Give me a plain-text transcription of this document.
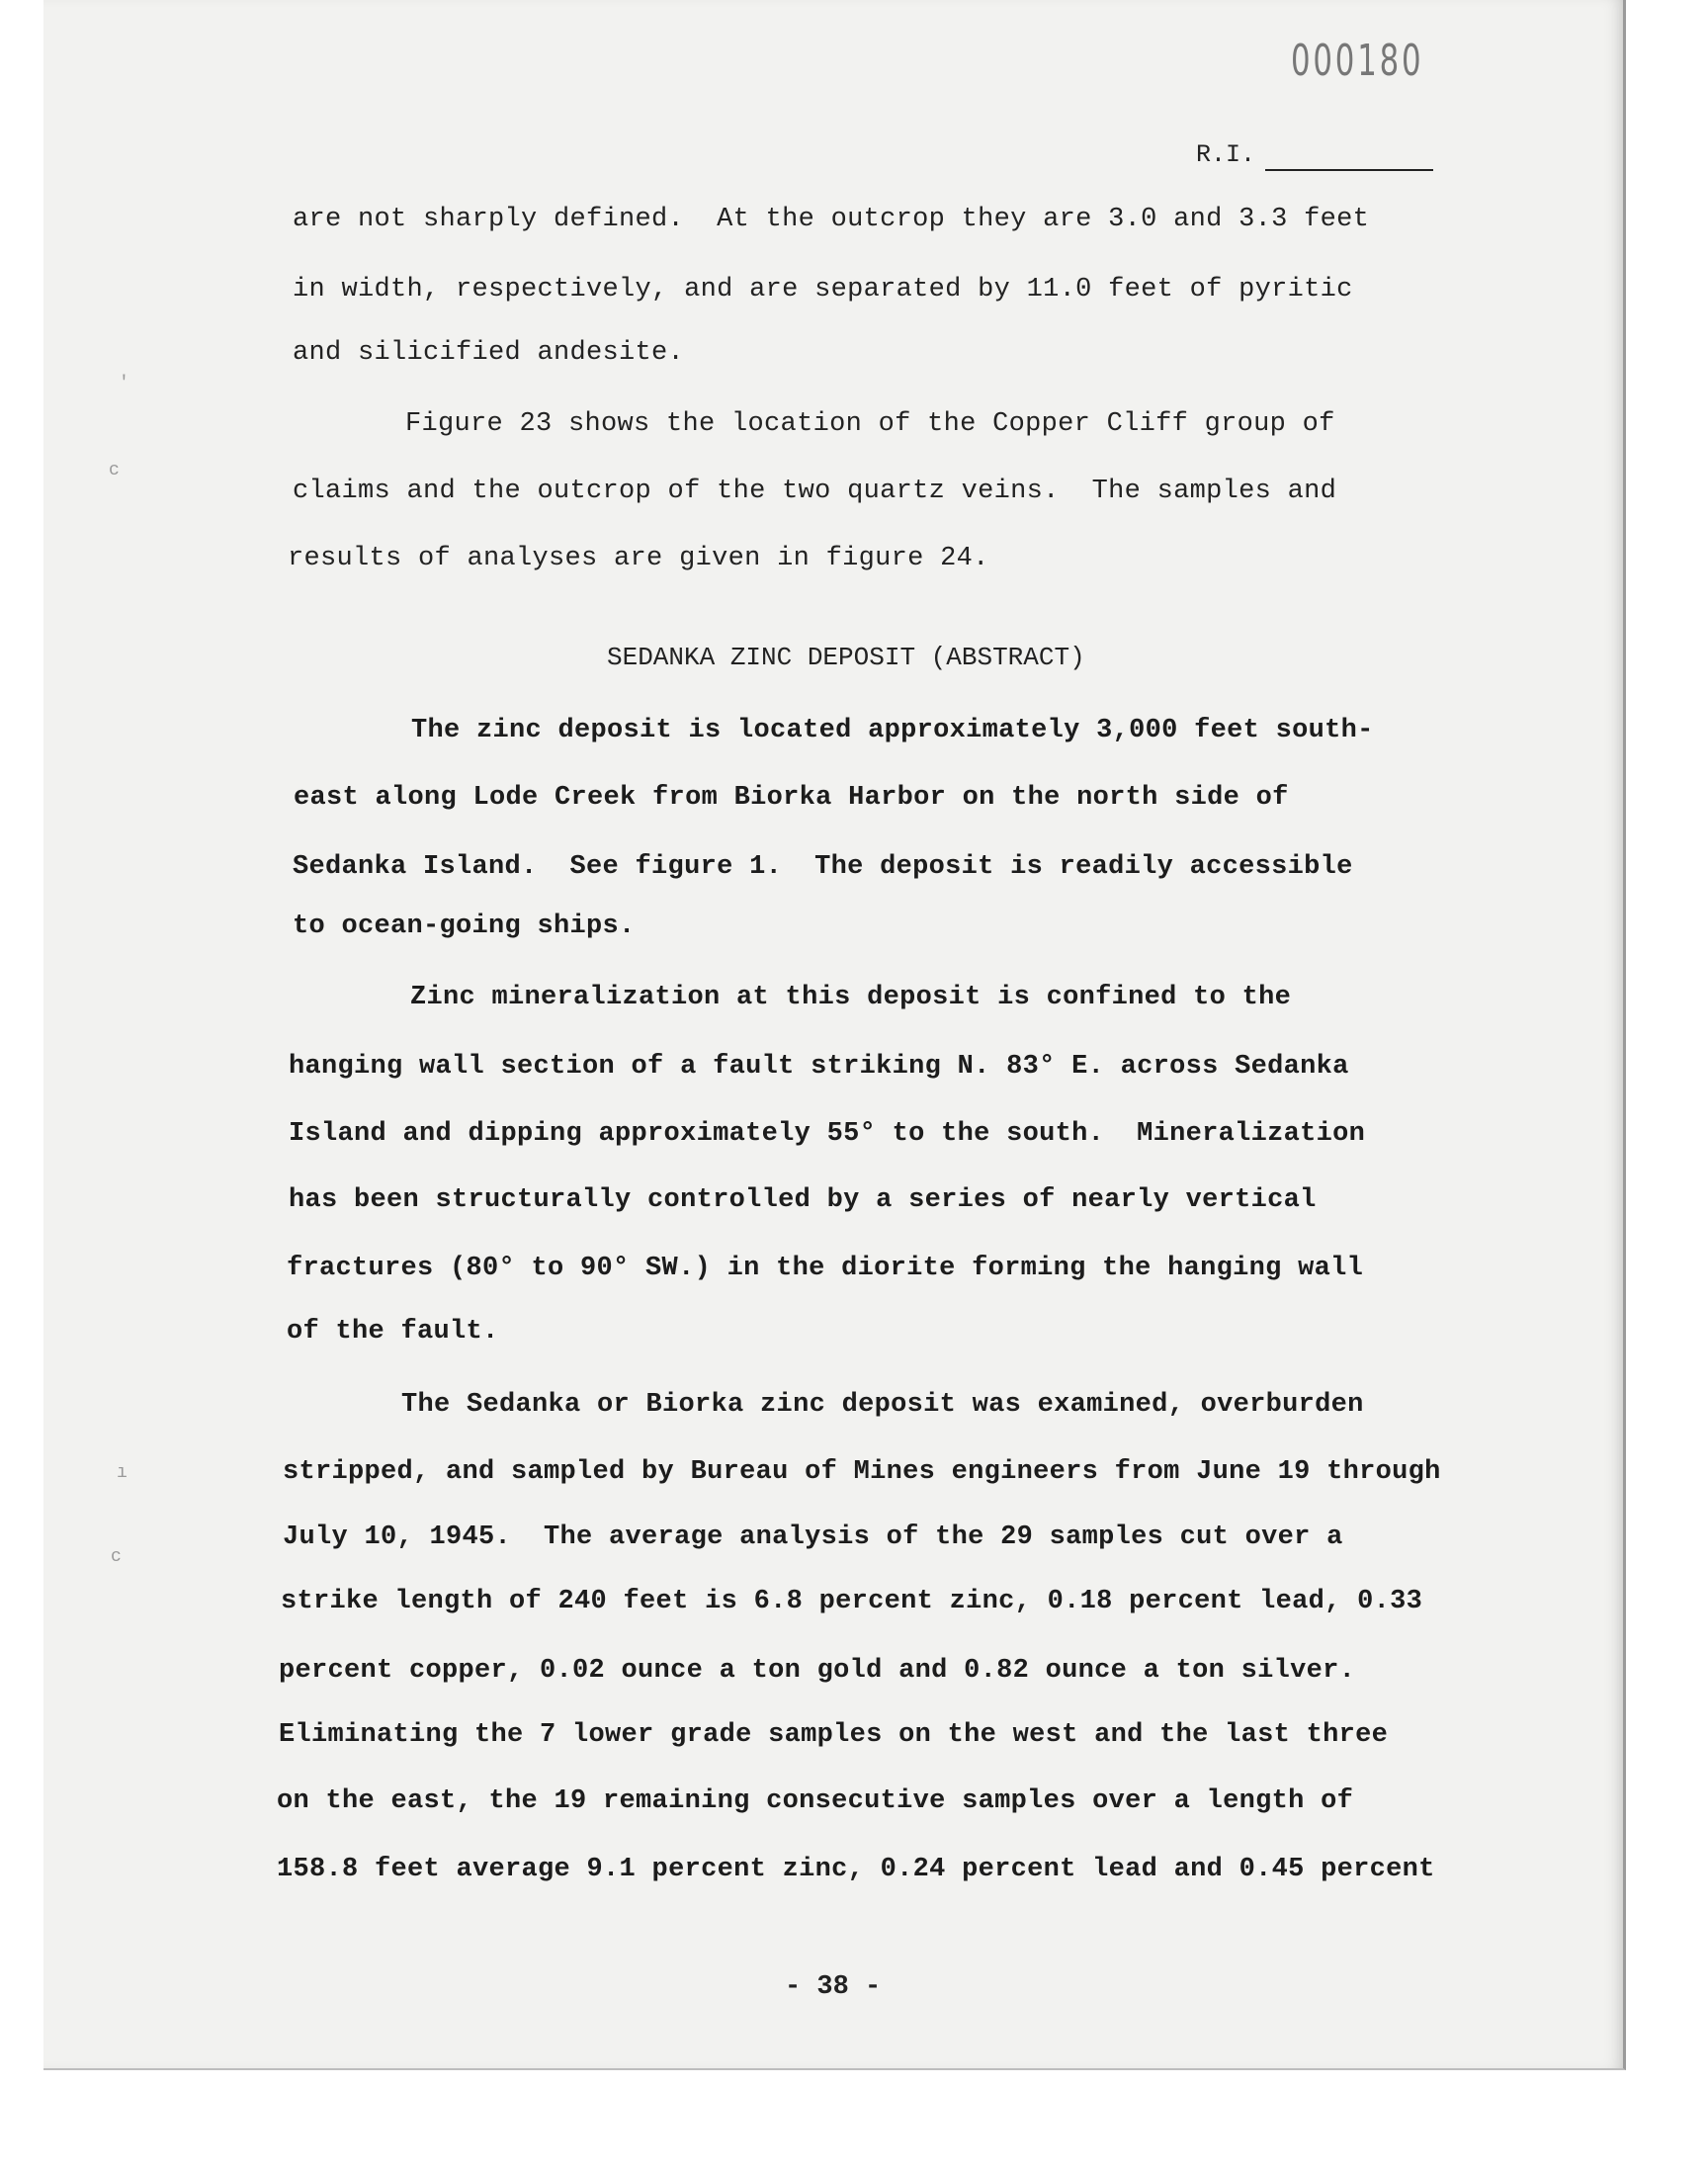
000180
R.I.
are not sharply defined.  At the outcrop they are 3.0 and 3.3 feet
in width, respectively, and are separated by 11.0 feet of pyritic
and silicified andesite.
Figure 23 shows the location of the Copper Cliff group of
claims and the outcrop of the two quartz veins.  The samples and
results of analyses are given in figure 24.
SEDANKA ZINC DEPOSIT (ABSTRACT)
The zinc deposit is located approximately 3,000 feet south-
east along Lode Creek from Biorka Harbor on the north side of
Sedanka Island.  See figure 1.  The deposit is readily accessible
to ocean-going ships.
Zinc mineralization at this deposit is confined to the
hanging wall section of a fault striking N. 83° E. across Sedanka
Island and dipping approximately 55° to the south.  Mineralization
has been structurally controlled by a series of nearly vertical
fractures (80° to 90° SW.) in the diorite forming the hanging wall
of the fault.
The Sedanka or Biorka zinc deposit was examined, overburden
stripped, and sampled by Bureau of Mines engineers from June 19 through
July 10, 1945.  The average analysis of the 29 samples cut over a
strike length of 240 feet is 6.8 percent zinc, 0.18 percent lead, 0.33
percent copper, 0.02 ounce a ton gold and 0.82 ounce a ton silver.
Eliminating the 7 lower grade samples on the west and the last three
on the east, the 19 remaining consecutive samples over a length of
158.8 feet average 9.1 percent zinc, 0.24 percent lead and 0.45 percent
- 38 -
'
c
ı
c
